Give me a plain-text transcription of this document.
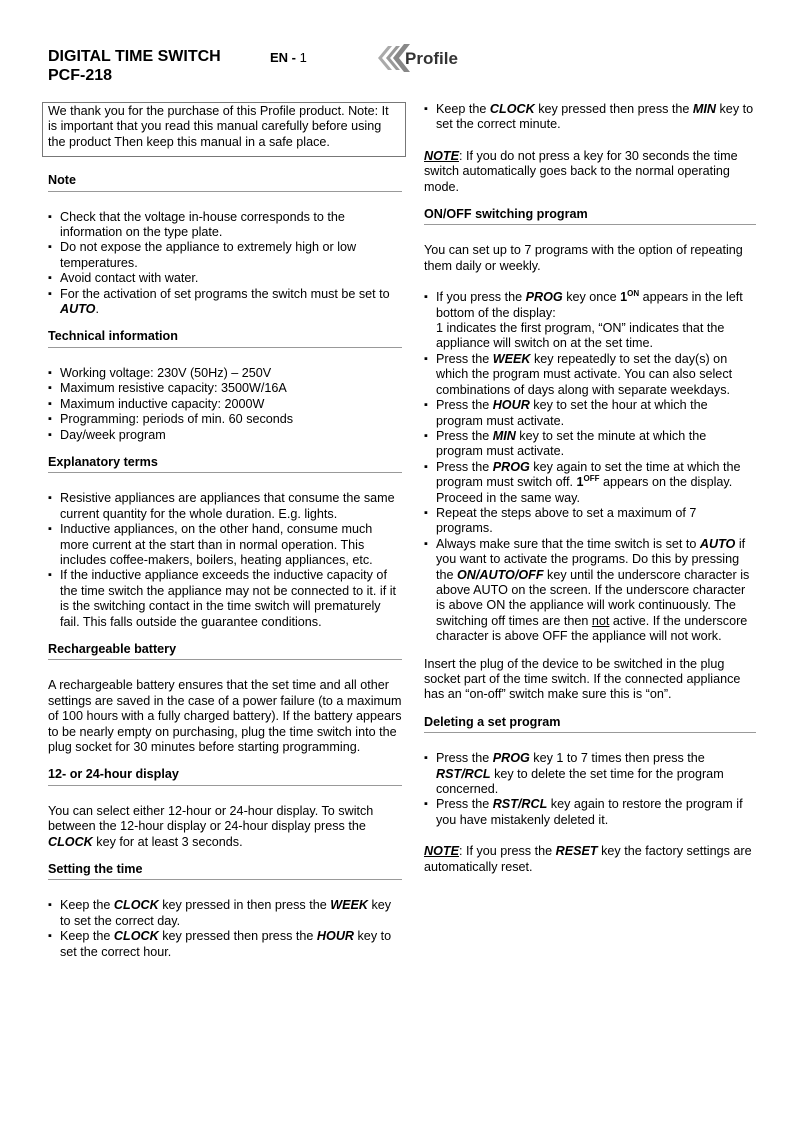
DIGITAL TIME SWITCH
PCF-218
EN - 1	Profile

We thank you for the purchase of this Profile product. Note: It is important that you read this manual carefully before using the product Then keep this manual in a safe place.

Note
▪ Check that the voltage in-house corresponds to the information on the type plate.
▪ Do not expose the appliance to extremely high or low temperatures.
▪ Avoid contact with water.
▪ For the activation of set programs the switch must be set to AUTO.
Technical information
▪ Working voltage: 230V (50Hz) – 250V
▪ Maximum resistive capacity: 3500W/16A
▪ Maximum inductive capacity: 2000W
▪ Programming: periods of min. 60 seconds
▪ Day/week program
Explanatory terms
▪ Resistive appliances are appliances that consume the same current quantity for the whole duration. E.g. lights.
▪ Inductive appliances, on the other hand, consume much more current at the start than in normal operation. This includes coffee-makers, boilers, heating appliances, etc.
▪ If the inductive appliance exceeds the inductive capacity of the time switch the appliance may not be connected to it. if it is the switching contact in the time switch will prematurely fail. This falls outside the guarantee conditions.
Rechargeable battery

A rechargeable battery ensures that the set time and all other settings are saved in the case of a power failure (to a maximum of 100 hours with a fully charged battery). If the battery appears to be nearly empty on purchasing, plug the time switch into the plug socket for 30 minutes before starting programming.

12- or 24-hour display

You can select either 12-hour or 24-hour display. To switch between the 12-hour display or 24-hour display press the CLOCK key for at least 3 seconds.

Setting the time
▪ Keep the CLOCK key pressed in then press the WEEK key to set the correct day.
▪ Keep the CLOCK key pressed then press the HOUR key to set the correct hour.
▪ Keep the CLOCK key pressed then press the MIN key to set the correct minute.

NOTE: If you do not press a key for 30 seconds the time switch automatically goes back to the normal operating mode.

ON/OFF switching program

You can set up to 7 programs with the option of repeating them daily or weekly.

▪ If you press the PROG key once $1^{ON}$ appears in the left bottom of the display:
1 indicates the first program, “ON” indicates that the appliance will switch on at the set time.
▪ Press the WEEK key repeatedly to set the day(s) on which the program must activate. You can also select combinations of days along with separate weekdays.
▪ Press the HOUR key to set the hour at which the program must activate.
▪ Press the MIN key to set the minute at which the program must activate.
▪ Press the PROG key again to set the time at which the program must switch off. $1^{OFF}$ appears on the display. Proceed in the same way.
▪ Repeat the steps above to set a maximum of 7 programs.
▪ Always make sure that the time switch is set to AUTO if you want to activate the programs. Do this by pressing the ON/AUTO/OFF key until the underscore character is above AUTO on the screen. If the underscore character is above ON the appliance will work continuously. The switching off times are then not active. If the underscore character is above OFF the appliance will not work.

Insert the plug of the device to be switched in the plug socket part of the time switch. If the connected appliance has an “on-off” switch make sure this is “on”.

Deleting a set program
▪ Press the PROG key 1 to 7 times then press the RST/RCL key to delete the set time for the program concerned.
▪ Press the RST/RCL key again to restore the program if you have mistakenly deleted it.

NOTE: If you press the RESET key the factory settings are automatically reset.
